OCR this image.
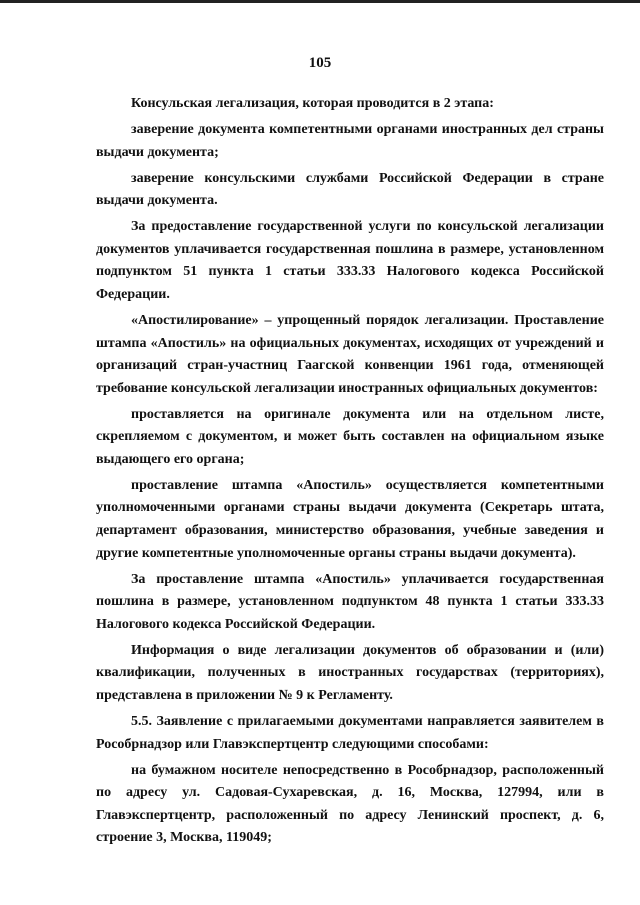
105

Консульская легализация, которая проводится в 2 этапа:

заверение документа компетентными органами иностранных дел страны выдачи документа;

заверение консульскими службами Российской Федерации в стране выдачи документа.

За предоставление государственной услуги по консульской легализации документов уплачивается государственная пошлина в размере, установленном подпунктом 51 пункта 1 статьи 333.33 Налогового кодекса Российской Федерации.

«Апостилирование» – упрощенный порядок легализации. Проставление штампа «Апостиль» на официальных документах, исходящих от учреждений и организаций стран-участниц Гаагской конвенции 1961 года, отменяющей требование консульской легализации иностранных официальных документов:

проставляется на оригинале документа или на отдельном листе, скрепляемом с документом, и может быть составлен на официальном языке выдающего его органа;

проставление штампа «Апостиль» осуществляется компетентными уполномоченными органами страны выдачи документа (Секретарь штата, департамент образования, министерство образования, учебные заведения и другие компетентные уполномоченные органы страны выдачи документа).

За проставление штампа «Апостиль» уплачивается государственная пошлина в размере, установленном подпунктом 48 пункта 1 статьи 333.33 Налогового кодекса Российской Федерации.

Информация о виде легализации документов об образовании и (или) квалификации, полученных в иностранных государствах (территориях), представлена в приложении № 9 к Регламенту.

5.5. Заявление с прилагаемыми документами направляется заявителем в Рособрнадзор или Главэкспертцентр следующими способами:

на бумажном носителе непосредственно в Рособрнадзор, расположенный по адресу ул. Садовая-Сухаревская, д. 16, Москва, 127994, или в Главэкспертцентр, расположенный по адресу Ленинский проспект, д. 6, строение 3, Москва, 119049;
